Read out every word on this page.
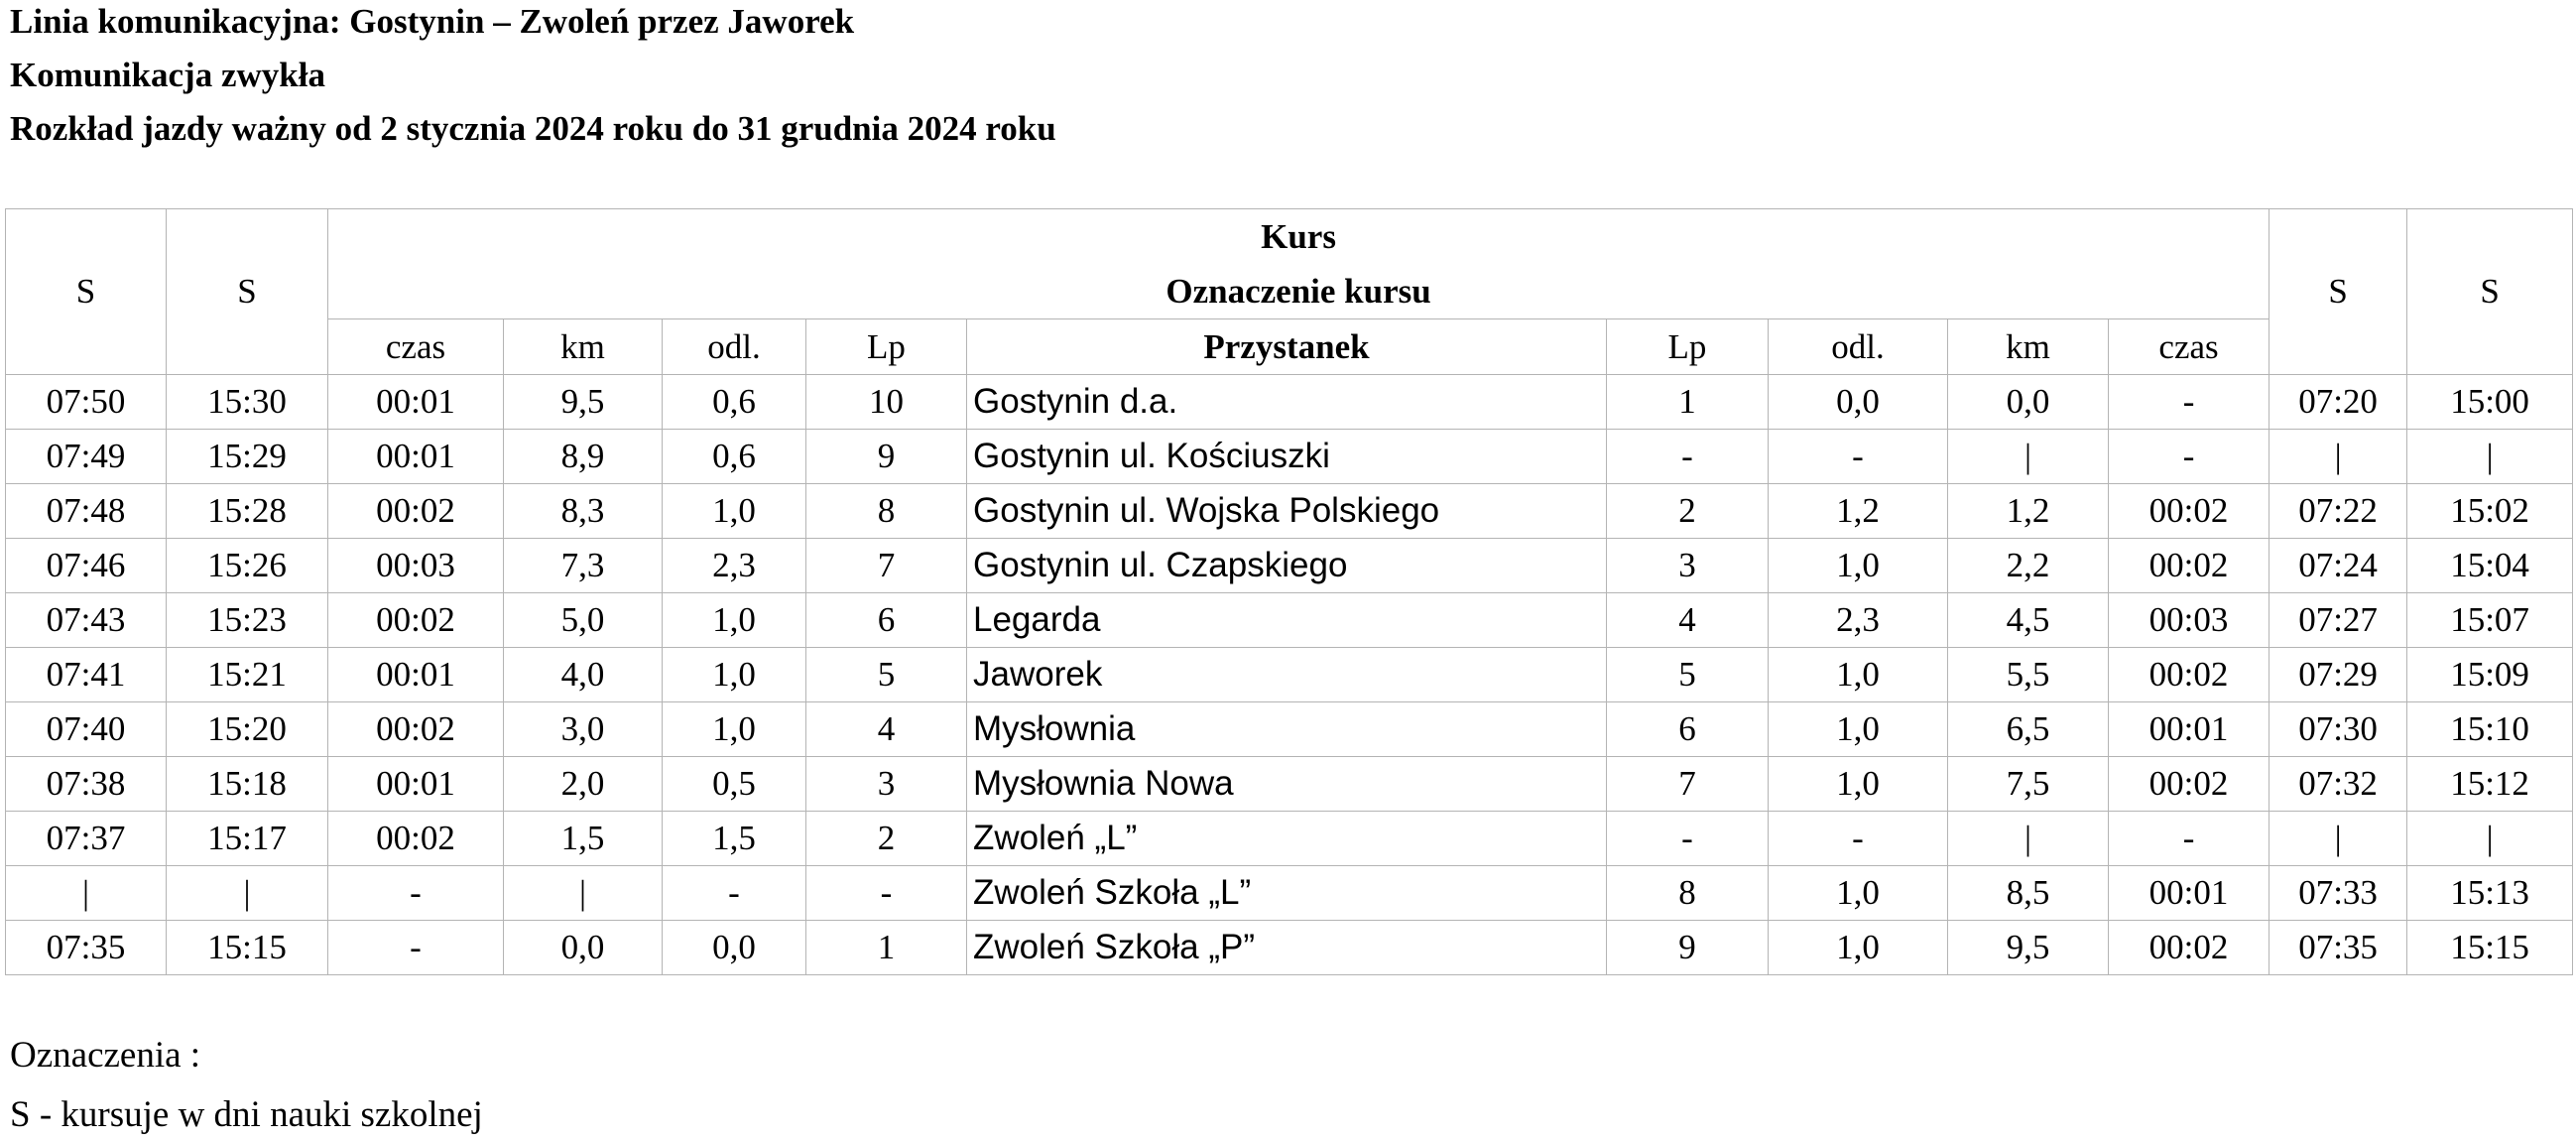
Linia komunikacyjna: Gostynin – Zwoleń przez Jaworek
Komunikacja zwykła
Rozkład jazdy ważny od 2 stycznia 2024 roku do 31 grudnia 2024 roku
S	S	Kurs									S	S
		Oznaczenie kursu										
		czas	km	odl.	Lp	Przystanek	Lp	odl.	km	czas		
07:50	15:30	00:01	9,5	0,6	10	Gostynin d.a.	1	0,0	0,0	-	07:20	15:00
07:49	15:29	00:01	8,9	0,6	9	Gostynin ul. Kościuszki	-	-	|	-	|	|
07:48	15:28	00:02	8,3	1,0	8	Gostynin ul. Wojska Polskiego	2	1,2	1,2	00:02	07:22	15:02
07:46	15:26	00:03	7,3	2,3	7	Gostynin ul. Czapskiego	3	1,0	2,2	00:02	07:24	15:04
07:43	15:23	00:02	5,0	1,0	6	Legarda	4	2,3	4,5	00:03	07:27	15:07
07:41	15:21	00:01	4,0	1,0	5	Jaworek	5	1,0	5,5	00:02	07:29	15:09
07:40	15:20	00:02	3,0	1,0	4	Mysłownia	6	1,0	6,5	00:01	07:30	15:10
07:38	15:18	00:01	2,0	0,5	3	Mysłownia Nowa	7	1,0	7,5	00:02	07:32	15:12
07:37	15:17	00:02	1,5	1,5	2	Zwoleń „L”	-	-	|	-	|	|
|	|	-	|	-	-	Zwoleń Szkoła „L”	8	1,0	8,5	00:01	07:33	15:13
07:35	15:15	-	0,0	0,0	1	Zwoleń Szkoła „P”	9	1,0	9,5	00:02	07:35	15:15
Oznaczenia :
S - kursuje w dni nauki szkolnej
